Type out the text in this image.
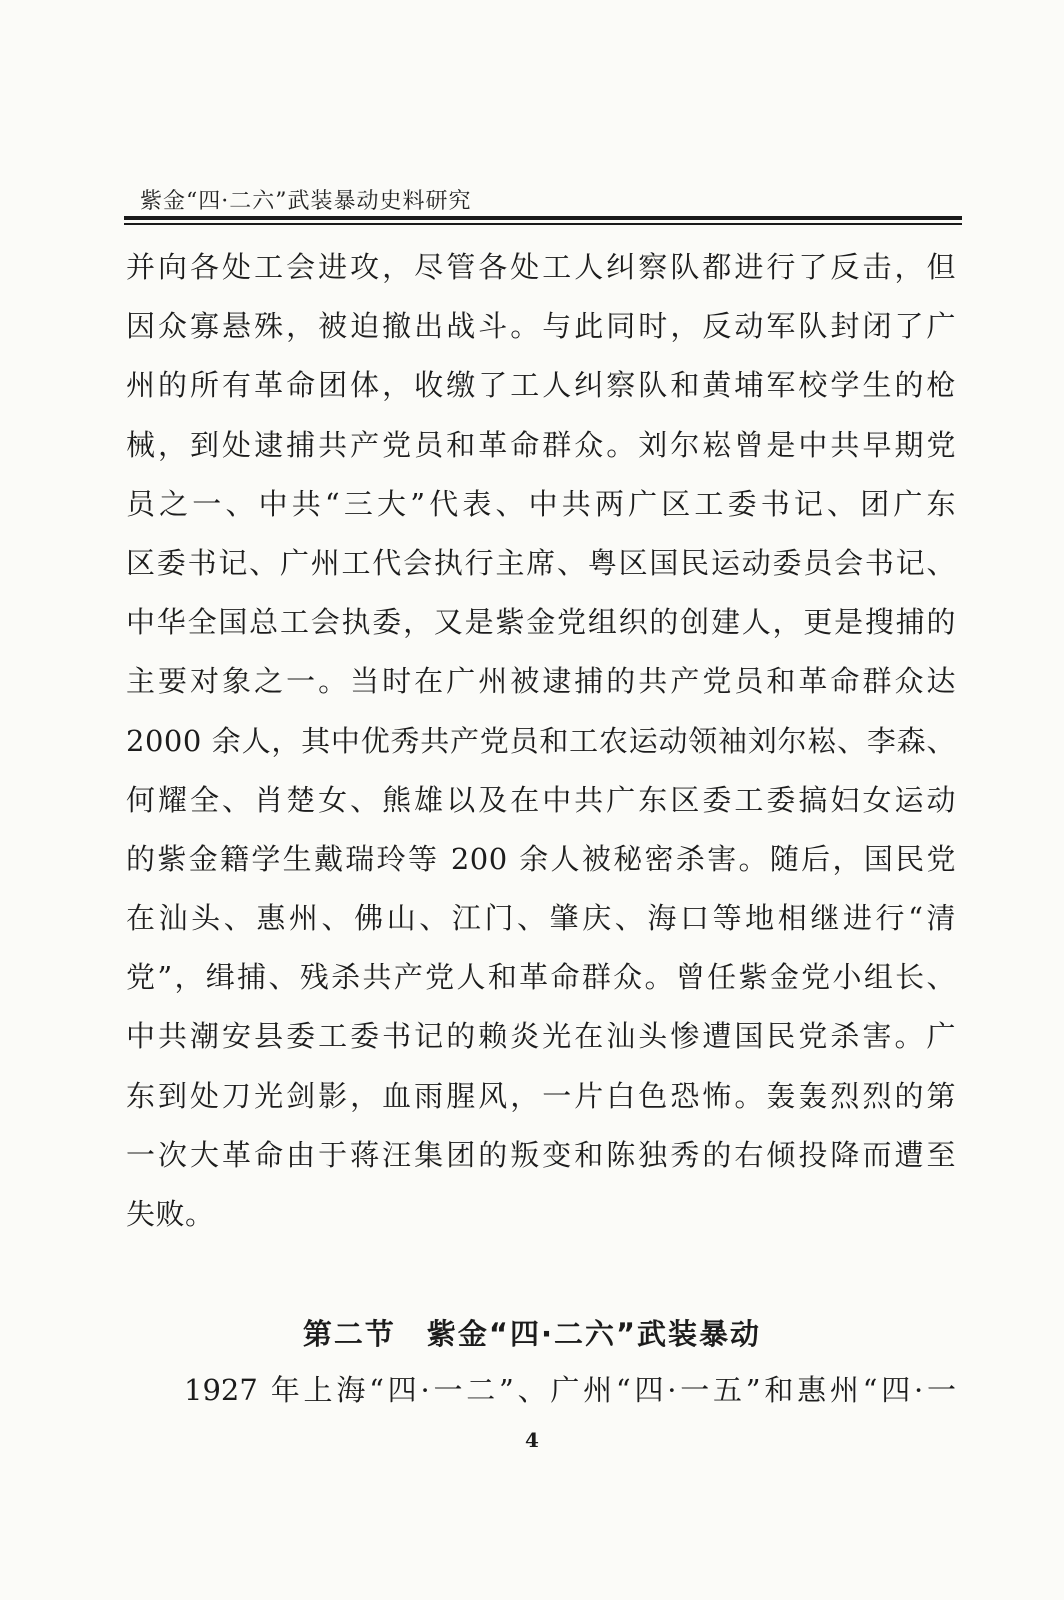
紫金“四·二六”武装暴动史料研究
并向各处工会进攻，尽管各处工人纠察队都进行了反击，但
因众寡悬殊，被迫撤出战斗。与此同时，反动军队封闭了广
州的所有革命团体，收缴了工人纠察队和黄埔军校学生的枪
械，到处逮捕共产党员和革命群众。刘尔崧曾是中共早期党
员之一、中共“三大”代表、中共两广区工委书记、团广东
区委书记、广州工代会执行主席、粤区国民运动委员会书记、
中华全国总工会执委，又是紫金党组织的创建人，更是搜捕的
主要对象之一。当时在广州被逮捕的共产党员和革命群众达
2000 余人，其中优秀共产党员和工农运动领袖刘尔崧、李森、
何耀全、肖楚女、熊雄以及在中共广东区委工委搞妇女运动
的紫金籍学生戴瑞玲等 200 余人被秘密杀害。随后，国民党
在汕头、惠州、佛山、江门、肇庆、海口等地相继进行“清
党”，缉捕、残杀共产党人和革命群众。曾任紫金党小组长、
中共潮安县委工委书记的赖炎光在汕头惨遭国民党杀害。广
东到处刀光剑影，血雨腥风，一片白色恐怖。轰轰烈烈的第
一次大革命由于蒋汪集团的叛变和陈独秀的右倾投降而遭至
失败。
第二节　紫金“四·二六”武装暴动
1927 年上海“四·一二”、广州“四·一五”和惠州“四·一
4
